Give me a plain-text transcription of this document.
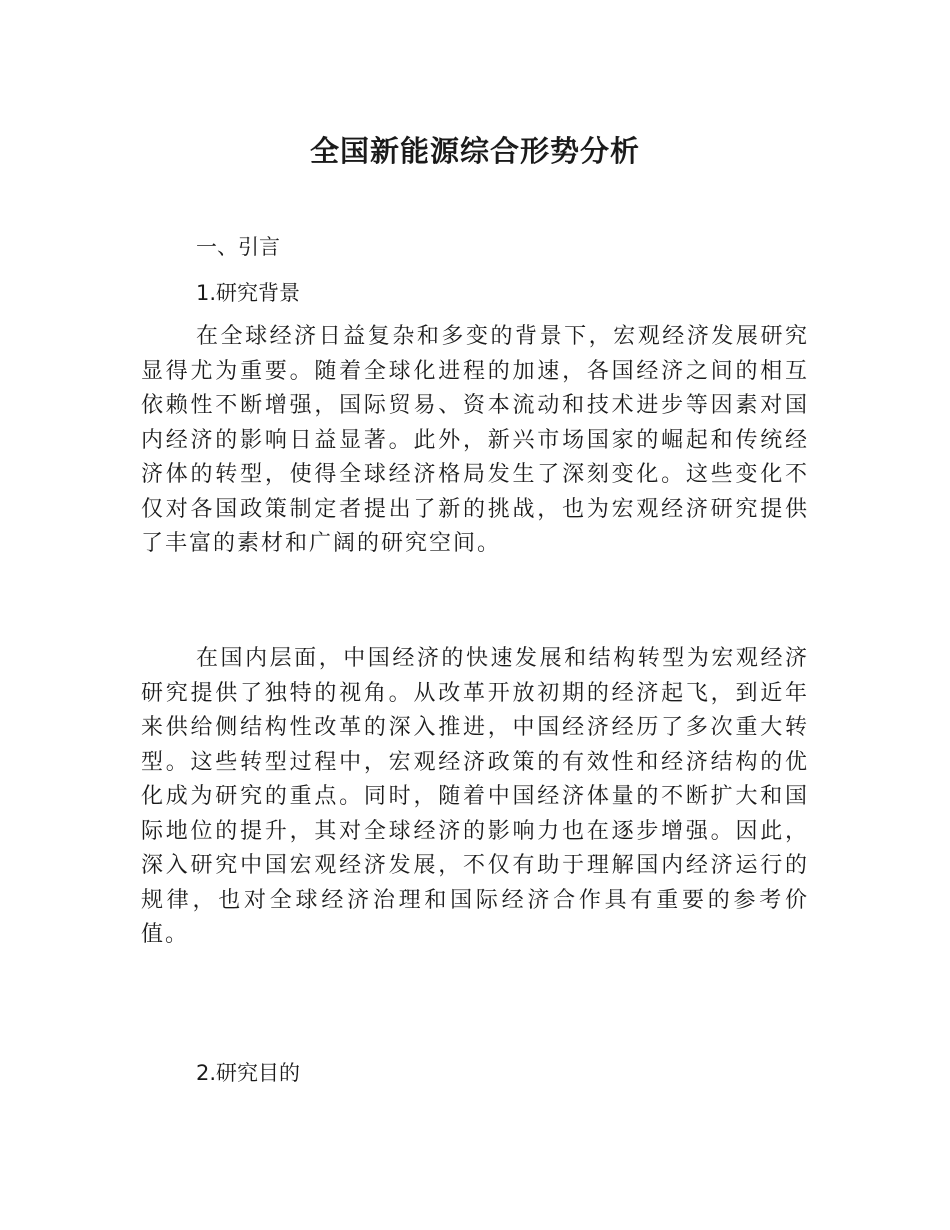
全国新能源综合形势分析
一、引言
1.研究背景
在全球经济日益复杂和多变的背景下，宏观经济发展研究显得尤为重要。随着全球化进程的加速，各国经济之间的相互依赖性不断增强，国际贸易、资本流动和技术进步等因素对国内经济的影响日益显著。此外，新兴市场国家的崛起和传统经济体的转型，使得全球经济格局发生了深刻变化。这些变化不仅对各国政策制定者提出了新的挑战，也为宏观经济研究提供了丰富的素材和广阔的研究空间。
在国内层面，中国经济的快速发展和结构转型为宏观经济研究提供了独特的视角。从改革开放初期的经济起飞，到近年来供给侧结构性改革的深入推进，中国经济经历了多次重大转型。这些转型过程中，宏观经济政策的有效性和经济结构的优化成为研究的重点。同时，随着中国经济体量的不断扩大和国际地位的提升，其对全球经济的影响力也在逐步增强。因此，深入研究中国宏观经济发展，不仅有助于理解国内经济运行的规律，也对全球经济治理和国际经济合作具有重要的参考价值。
2.研究目的
